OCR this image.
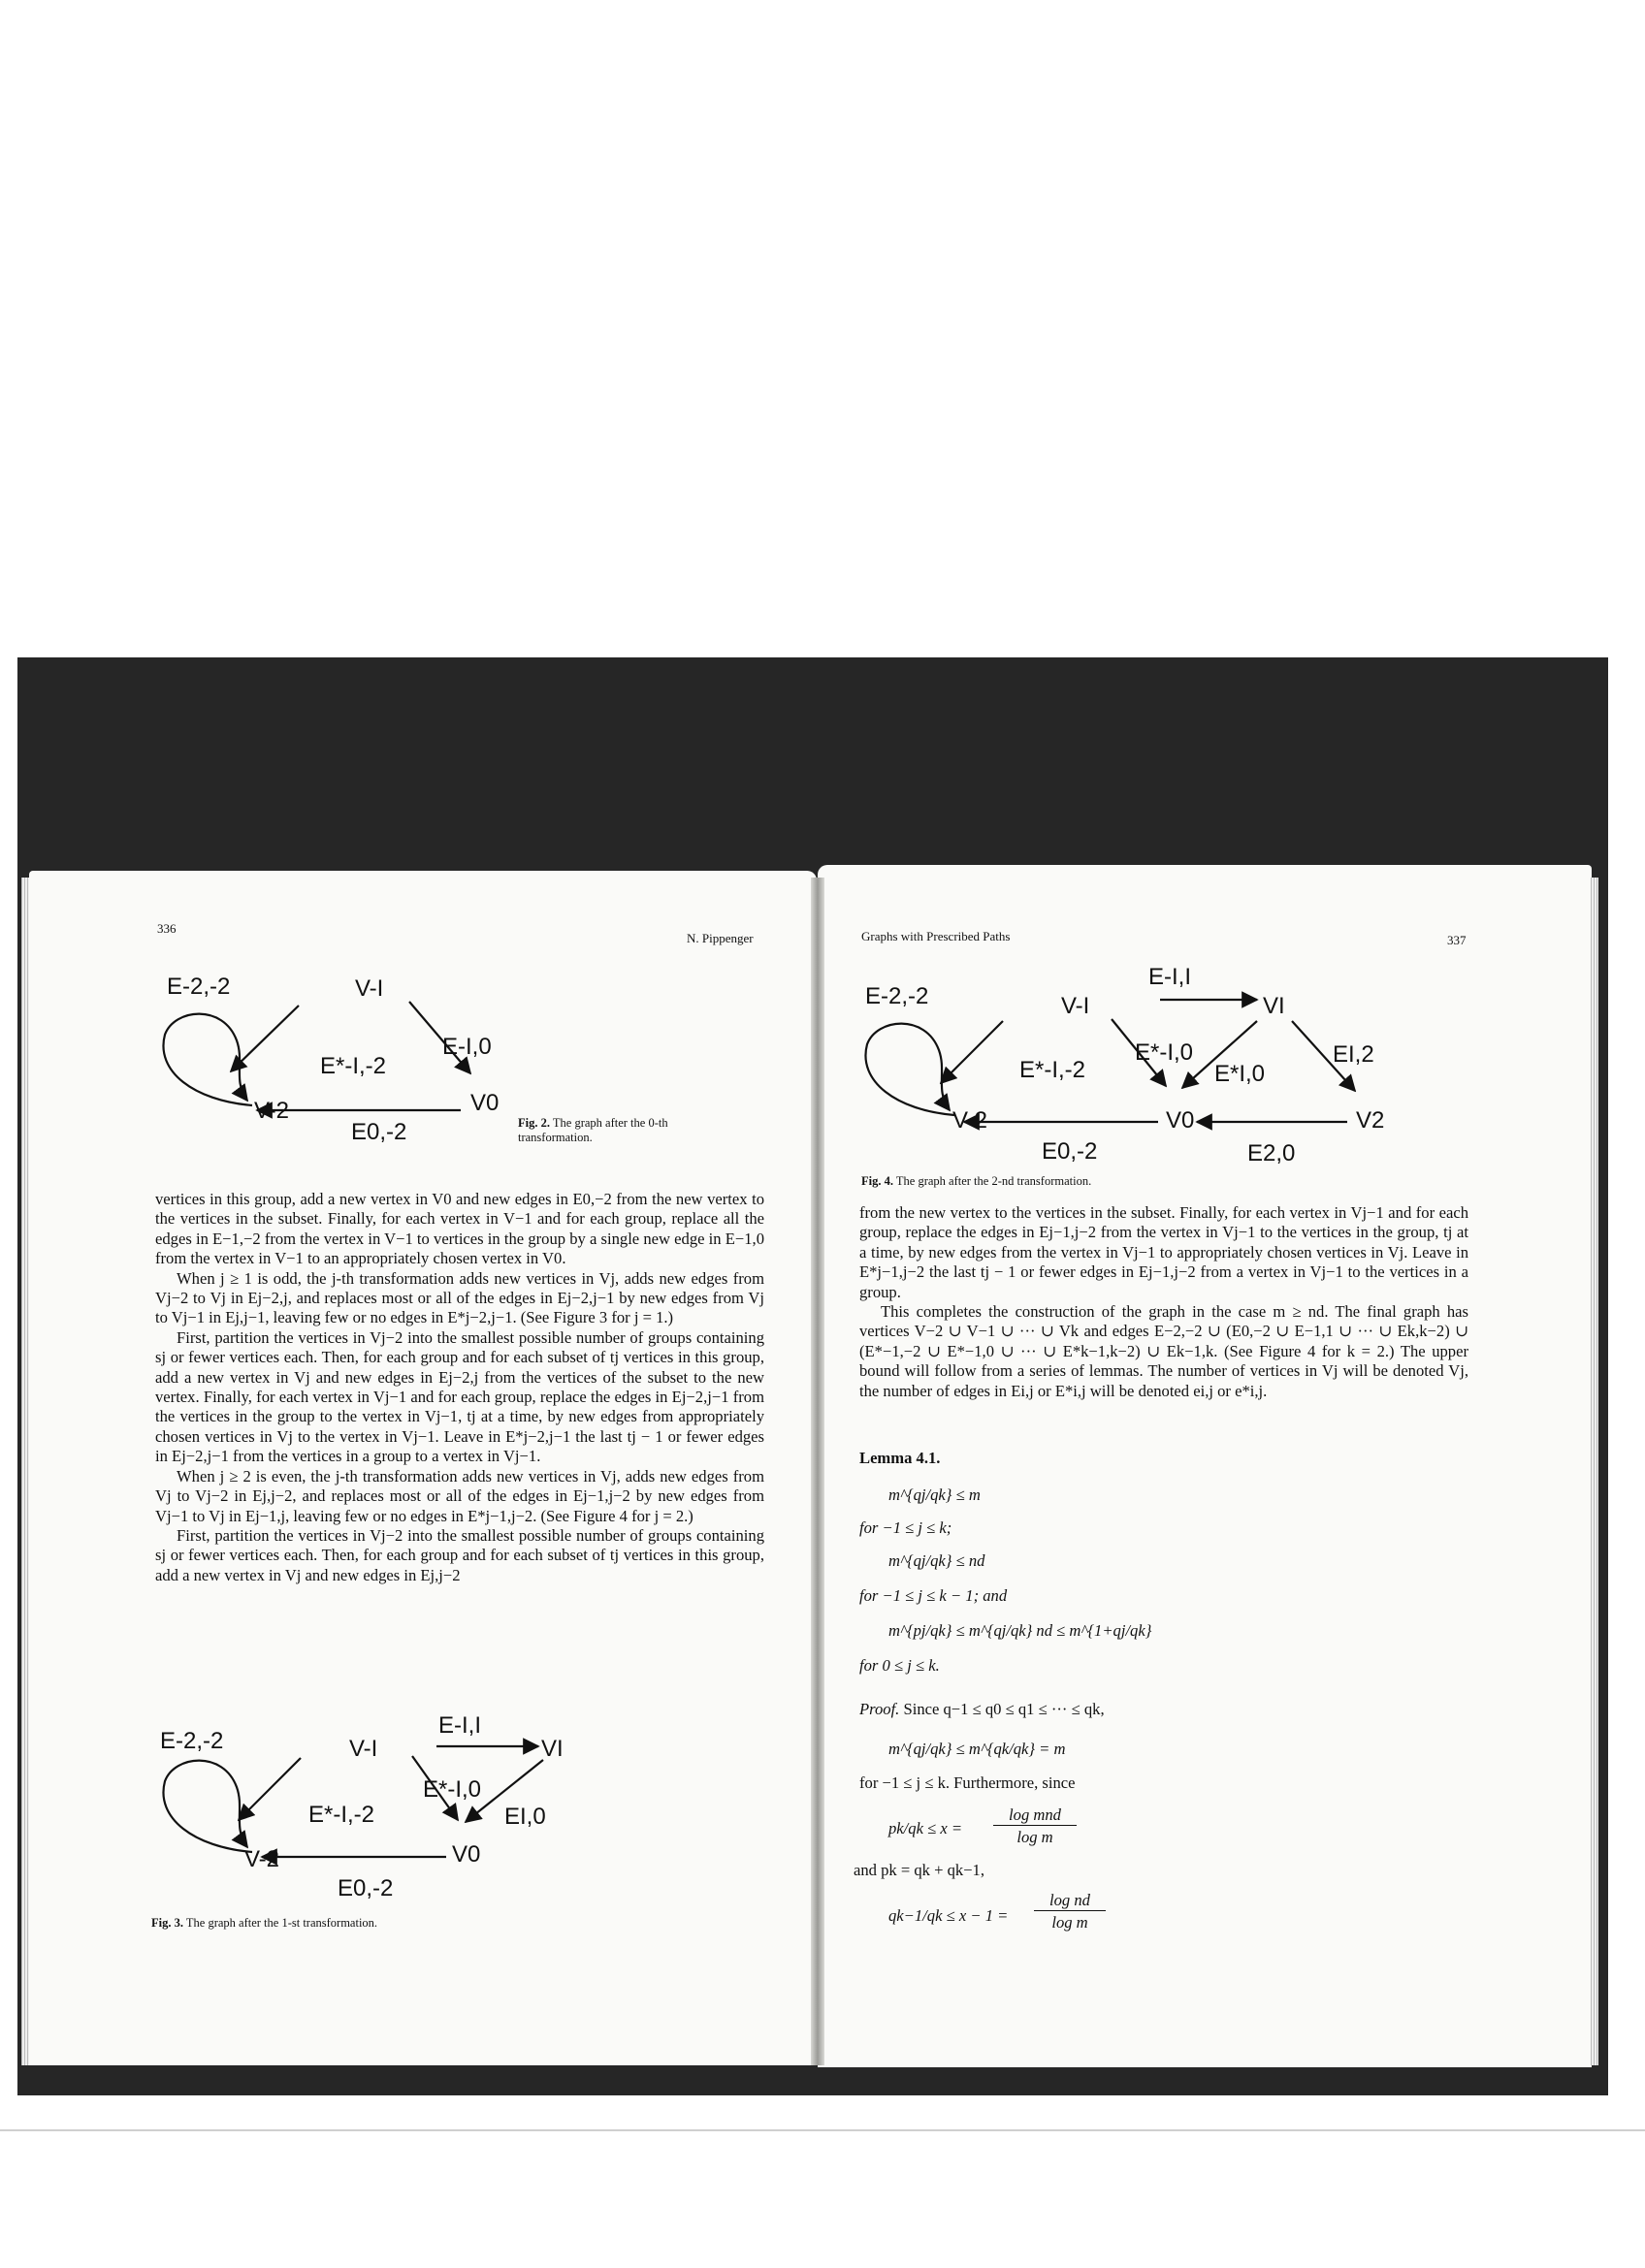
336
N. Pippenger
E-2,-2	V-I
E-I,0
E*-I,-2
V-2	V0
E0,-2	Fig. 2. The graph after the 0-th transformation.

vertices in this group, add a new vertex in V0 and new edges in E0,−2 from the new vertex to the vertices in the subset. Finally, for each vertex in V−1 and for each group, replace all the edges in E−1,−2 from the vertex in V−1 to vertices in the group by a single new edge in E−1,0 from the vertex in V−1 to an appropriately chosen vertex in V0.

When j ≥ 1 is odd, the j-th transformation adds new vertices in Vj, adds new edges from Vj−2 to Vj in Ej−2,j, and replaces most or all of the edges in Ej−2,j−1 by new edges from Vj to Vj−1 in Ej,j−1, leaving few or no edges in E*j−2,j−1. (See Figure 3 for j = 1.)

First, partition the vertices in Vj−2 into the smallest possible number of groups containing sj or fewer vertices each. Then, for each group and for each subset of tj vertices in this group, add a new vertex in Vj and new edges in Ej−2,j from the vertices of the subset to the new vertex. Finally, for each vertex in Vj−1 and for each group, replace the edges in Ej−2,j−1 from the vertices in the group to the vertex in Vj−1, tj at a time, by new edges from appropriately chosen vertices in Vj to the vertex in Vj−1. Leave in E*j−2,j−1 the last tj − 1 or fewer edges in Ej−2,j−1 from the vertices in a group to a vertex in Vj−1.

When j ≥ 2 is even, the j-th transformation adds new vertices in Vj, adds new edges from Vj to Vj−2 in Ej,j−2, and replaces most or all of the edges in Ej−1,j−2 by new edges from Vj−1 to Vj in Ej−1,j, leaving few or no edges in E*j−1,j−2. (See Figure 4 for j = 2.)

First, partition the vertices in Vj−2 into the smallest possible number of groups containing sj or fewer vertices each. Then, for each group and for each subset of tj vertices in this group, add a new vertex in Vj and new edges in Ej,j−2

E-2,-2	V-I
E-I,I
VI
E*-I,0
E*-I,-2	EI,0
V-2	V0
E0,-2
Fig. 3. The graph after the 1-st transformation.
Graphs with Prescribed Paths	337
E-2,-2	V-I
E-I,I
VI
E*-I,0
E*I,0
E*-I,-2
EI,2
V-2	V0	V2
E0,-2	E2,0
Fig. 4. The graph after the 2-nd transformation.

from the new vertex to the vertices in the subset. Finally, for each vertex in Vj−1 and for each group, replace the edges in Ej−1,j−2 from the vertex in Vj−1 to the vertices in the group, tj at a time, by new edges from the vertex in Vj−1 to appropriately chosen vertices in Vj. Leave in E*j−1,j−2 the last tj − 1 or fewer edges in Ej−1,j−2 from a vertex in Vj−1 to the vertices in a group.

This completes the construction of the graph in the case m ≥ nd. The final graph has vertices V−2 ∪ V−1 ∪ ··· ∪ Vk and edges E−2,−2 ∪ (E0,−2 ∪ E−1,1 ∪ ··· ∪ Ek,k−2) ∪ (E*−1,−2 ∪ E*−1,0 ∪ ··· ∪ E*k−1,k−2) ∪ Ek−1,k. (See Figure 4 for k = 2.) The upper bound will follow from a series of lemmas. The number of vertices in Vj will be denoted Vj, the number of edges in Ei,j or E*i,j will be denoted ei,j or e*i,j.

Lemma 4.1.
m^{qj/qk} ≤ m
for −1 ≤ j ≤ k;
m^{qj/qk} ≤ nd
for −1 ≤ j ≤ k − 1; and
m^{pj/qk} ≤ m^{qj/qk} nd ≤ m^{1+qj/qk}
for 0 ≤ j ≤ k.
Proof. Since q−1 ≤ q0 ≤ q1 ≤ ··· ≤ qk,
m^{qj/qk} ≤ m^{qk/qk} = m
for −1 ≤ j ≤ k. Furthermore, since
pk/qk ≤ x =
log mnd
log m
and pk = qk + qk−1,
qk−1/qk ≤ x − 1 =
log nd
log m
